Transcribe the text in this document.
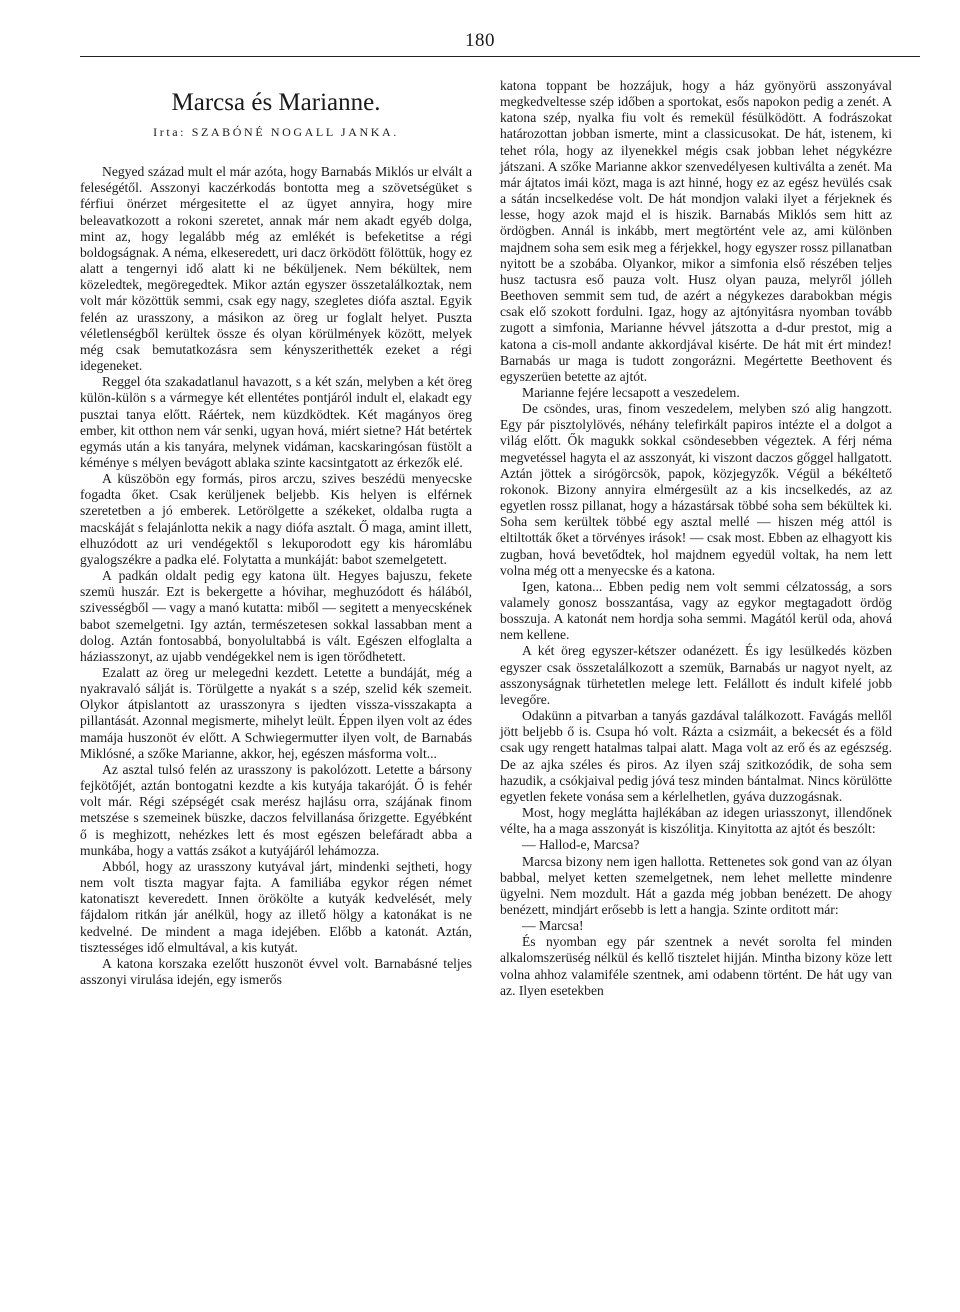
180
Marcsa és Marianne.
Irta: SZABÓNÉ NOGALL JANKA.

Negyed század mult el már azóta, hogy Barnabás Miklós ur elvált a feleségétől. Asszonyi kaczérkodás bontotta meg a szövetségüket s férfiui önérzet mérgesitette el az ügyet annyira, hogy mire beleavatkozott a rokoni szeretet, annak már nem akadt egyéb dolga, mint az, hogy legalább még az emlékét is befeketitse a régi boldogságnak. A néma, elkeseredett, uri dacz örködött fölöttük, hogy ez alatt a tengernyi idő alatt ki ne béküljenek. Nem békültek, nem közeledtek, megöregedtek. Mikor aztán egyszer összetalálkoztak, nem volt már közöttük semmi, csak egy nagy, szegletes diófa asztal. Egyik felén az urasszony, a másikon az öreg ur foglalt helyet. Puszta véletlenségből kerültek össze és olyan körülmények között, melyek még csak bemutatkozásra sem kényszerithették ezeket a régi idegeneket.

Reggel óta szakadatlanul havazott, s a két szán, melyben a két öreg külön-külön s a vármegye két ellentétes pontjáról indult el, elakadt egy pusztai tanya előtt. Ráértek, nem küzdködtek. Két magányos öreg ember, kit otthon nem vár senki, ugyan hová, miért sietne? Hát betértek egymás után a kis tanyára, melynek vidáman, kacskaringósan füstölt a kéménye s mélyen bevágott ablaka szinte kacsintgatott az érkezők elé.

A küszöbön egy formás, piros arczu, szives beszédü menyecske fogadta őket. Csak kerüljenek beljebb. Kis helyen is elférnek szeretetben a jó emberek. Letörölgette a székeket, oldalba rugta a macskáját s felajánlotta nekik a nagy diófa asztalt. Ő maga, amint illett, elhuzódott az uri vendégektől s lekuporodott egy kis háromlábu gyalogszékre a padka elé. Folytatta a munkáját: babot szemelgetett.

A padkán oldalt pedig egy katona ült. Hegyes bajuszu, fekete szemü huszár. Ezt is bekergette a hóvihar, meghuzódott és hálából, szivességből — vagy a manó kutatta: miből — segitett a menyecskének babot szemelgetni. Igy aztán, természetesen sokkal lassabban ment a dolog. Aztán fontosabbá, bonyolultabbá is vált. Egészen elfoglalta a háziasszonyt, az ujabb vendégekkel nem is igen törődhetett.

Ezalatt az öreg ur melegedni kezdett. Letette a bundáját, még a nyakravaló sálját is. Törülgette a nyakát s a szép, szelid kék szemeit. Olykor átpislantott az urasszonyra s ijedten vissza-visszakapta a pillantását. Azonnal megismerte, mihelyt leült. Éppen ilyen volt az édes mamája huszonöt év előtt. A Schwiegermutter ilyen volt, de Barnabás Miklósné, a szőke Marianne, akkor, hej, egészen másforma volt...

Az asztal tulsó felén az urasszony is pakolózott. Letette a bársony fejkötőjét, aztán bontogatni kezdte a kis kutyája takaróját. Ő is fehér volt már. Régi szépségét csak merész hajlásu orra, szájának finom metszése s szemeinek büszke, daczos felvillanása őrizgette. Egyébként ő is meghizott, nehézkes lett és most egészen belefáradt abba a munkába, hogy a vattás zsákot a kutyájáról lehámozza.

Abból, hogy az urasszony kutyával járt, mindenki sejtheti, hogy nem volt tiszta magyar fajta. A familiába egykor régen német katonatiszt keveredett. Innen örökölte a kutyák kedvelését, mely fájdalom ritkán jár anélkül, hogy az illető hölgy a katonákat is ne kedvelné. De mindent a maga idejében. Előbb a katonát. Aztán, tisztességes idő elmultával, a kis kutyát.

A katona korszaka ezelőtt huszonöt évvel volt. Barnabásné teljes asszonyi virulása idején, egy ismerős

katona toppant be hozzájuk, hogy a ház gyönyörü asszonyával megkedveltesse szép időben a sportokat, esős napokon pedig a zenét. A katona szép, nyalka fiu volt és remekül fésülködött. A fodrászokat határozottan jobban ismerte, mint a classicusokat. De hát, istenem, ki tehet róla, hogy az ilyenekkel mégis csak jobban lehet négykézre játszani. A szőke Marianne akkor szenvedélyesen kultiválta a zenét. Ma már ájtatos imái közt, maga is azt hinné, hogy ez az egész hevülés csak a sátán incselkedése volt. De hát mondjon valaki ilyet a férjeknek és lesse, hogy azok majd el is hiszik. Barnabás Miklós sem hitt az ördögben. Annál is inkább, mert megtörtént vele az, ami különben majdnem soha sem esik meg a férjekkel, hogy egyszer rossz pillanatban nyitott be a szobába. Olyankor, mikor a simfonia első részében teljes husz tactusra eső pauza volt. Husz olyan pauza, melyről jólleh Beethoven semmit sem tud, de azért a négykezes darabokban mégis csak elő szokott fordulni. Igaz, hogy az ajtónyitásra nyomban tovább zugott a simfonia, Marianne hévvel játszotta a d-dur prestot, mig a katona a cis-moll andante akkordjával kisérte. De hát mit ért mindez! Barnabás ur maga is tudott zongorázni. Megértette Beethovent és egyszerüen betette az ajtót.

Marianne fejére lecsapott a veszedelem.

De csöndes, uras, finom veszedelem, melyben szó alig hangzott. Egy pár pisztolylövés, néhány telefirkált papiros intézte el a dolgot a világ előtt. Ők magukk sokkal csöndesebben végeztek. A férj néma megvetéssel hagyta el az asszonyát, ki viszont daczos gőggel hallgatott. Aztán jöttek a sirógörcsök, papok, közjegyzők. Végül a békéltető rokonok. Bizony annyira elmérgesült az a kis incselkedés, az az egyetlen rossz pillanat, hogy a házastársak többé soha sem békültek ki. Soha sem kerültek többé egy asztal mellé — hiszen még attól is eltiltották őket a törvényes irások! — csak most. Ebben az elhagyott kis zugban, hová bevetődtek, hol majdnem egyedül voltak, ha nem lett volna még ott a menyecske és a katona.

Igen, katona... Ebben pedig nem volt semmi célzatosság, a sors valamely gonosz bosszantása, vagy az egykor megtagadott ördög bosszuja. A katonát nem hordja soha semmi. Magától kerül oda, ahová nem kellene.

A két öreg egyszer-kétszer odanézett. És igy lesülkedés közben egyszer csak összetalálkozott a szemük, Barnabás ur nagyot nyelt, az asszonyságnak türhetetlen melege lett. Felállott és indult kifelé jobb levegőre.

Odakünn a pitvarban a tanyás gazdával találkozott. Favágás mellől jött beljebb ő is. Csupa hó volt. Rázta a csizmáit, a bekecsét és a föld csak ugy rengett hatalmas talpai alatt. Maga volt az erő és az egészség. De az ajka széles és piros. Az ilyen száj szitkozódik, de soha sem hazudik, a csókjaival pedig jóvá tesz minden bántalmat. Nincs körülötte egyetlen fekete vonása sem a kérlelhetlen, gyáva duzzogásnak.

Most, hogy meglátta hajlékában az idegen uriasszonyt, illendőnek vélte, ha a maga asszonyát is kiszólitja. Kinyitotta az ajtót és beszólt:

— Hallod-e, Marcsa?

Marcsa bizony nem igen hallotta. Rettenetes sok gond van az ólyan babbal, melyet ketten szemelgetnek, nem lehet mellette mindenre ügyelni. Nem mozdult. Hát a gazda még jobban benézett. De ahogy benézett, mindjárt erősebb is lett a hangja. Szinte orditott már:

— Marcsa!

És nyomban egy pár szentnek a nevét sorolta fel minden alkalomszerüség nélkül és kellő tisztelet hijján. Mintha bizony köze lett volna ahhoz valamiféle szentnek, ami odabenn történt. De hát ugy van az. Ilyen esetekben
